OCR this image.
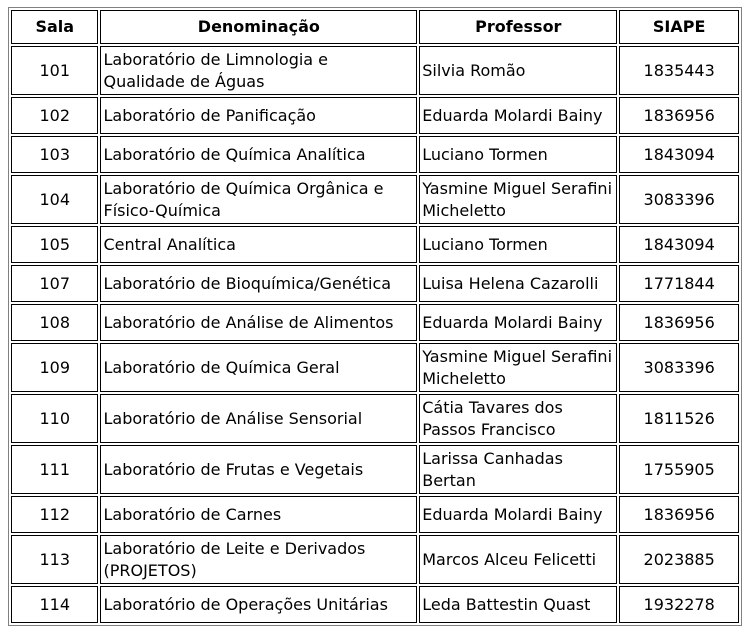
Sala	Denominação	Professor	SIAPE
101	Laboratório de Limnologia e Qualidade de Águas	Silvia Romão	1835443
102	Laboratório de Panificação	Eduarda Molardi Bainy	1836956
103	Laboratório de Química Analítica	Luciano Tormen	1843094
104	Laboratório de Química Orgânica e Físico-Química	Yasmine Miguel Serafini Micheletto	3083396
105	Central Analítica	Luciano Tormen	1843094
107	Laboratório de Bioquímica/Genética	Luisa Helena Cazarolli	1771844
108	Laboratório de Análise de Alimentos	Eduarda Molardi Bainy	1836956
109	Laboratório de Química Geral	Yasmine Miguel Serafini Micheletto	3083396
110	Laboratório de Análise Sensorial	Cátia Tavares dos Passos Francisco	1811526
111	Laboratório de Frutas e Vegetais	Larissa Canhadas Bertan	1755905
112	Laboratório de Carnes	Eduarda Molardi Bainy	1836956
113	Laboratório de Leite e Derivados (PROJETOS)	Marcos Alceu Felicetti	2023885
114	Laboratório de Operações Unitárias	Leda Battestin Quast	1932278
